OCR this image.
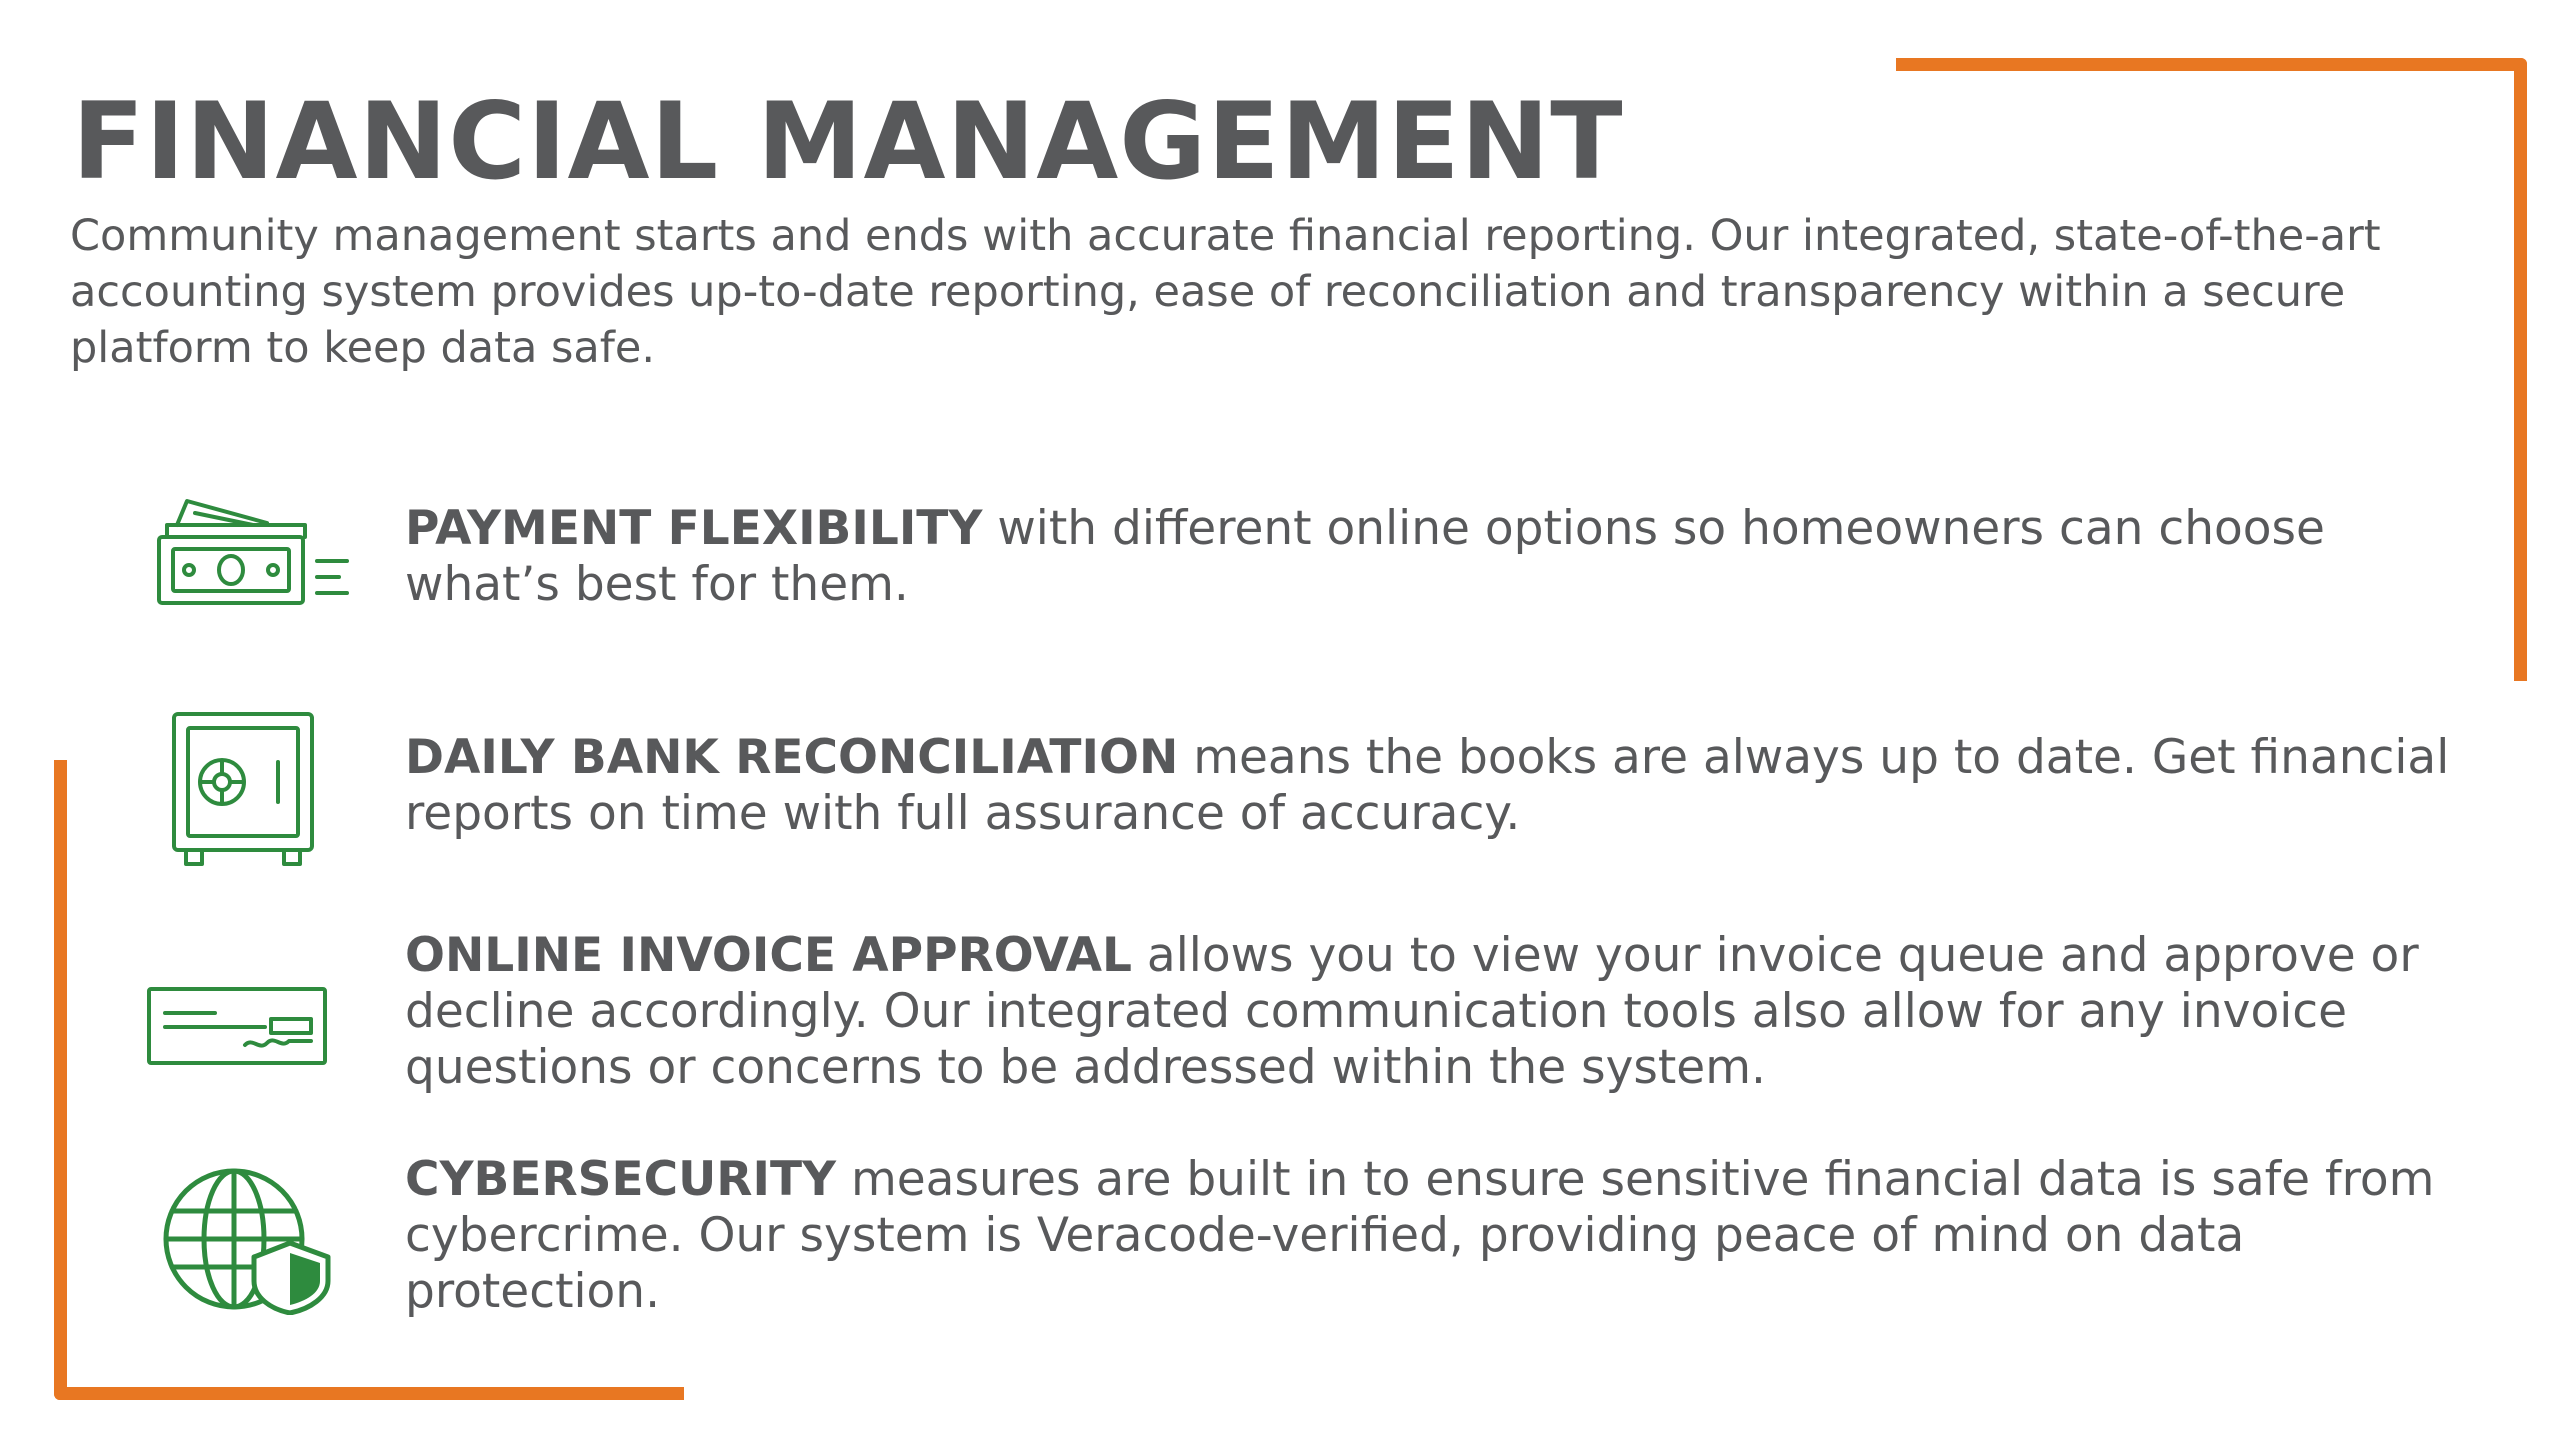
FINANCIAL MANAGEMENT

Community management starts and ends with accurate financial reporting. Our integrated, state-of-the-art accounting system provides up-to-date reporting, ease of reconciliation and transparency within a secure platform to keep data safe.

PAYMENT FLEXIBILITY with different online options so homeowners can choose what’s best for them.

DAILY BANK RECONCILIATION means the books are always up to date. Get financial reports on time with full assurance of accuracy.

ONLINE INVOICE APPROVAL allows you to view your invoice queue and approve or decline accordingly. Our integrated communication tools also allow for any invoice questions or concerns to be addressed within the system.

CYBERSECURITY measures are built in to ensure sensitive financial data is safe from cybercrime. Our system is Veracode-verified, providing peace of mind on data protection.
